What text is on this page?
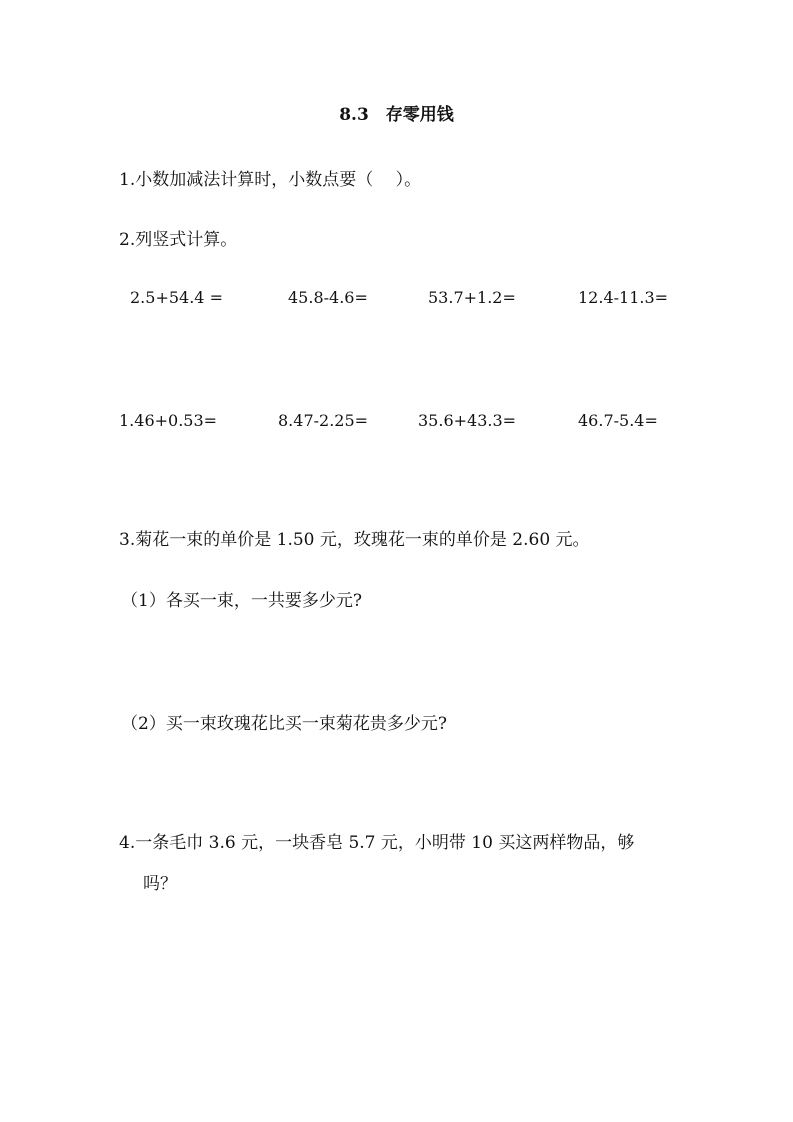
8.3　存零用钱
1.小数加减法计算时，小数点要（　 ）。
2.列竖式计算。
2.5+54.4 =	45.8-4.6=	53.7+1.2=	12.4-11.3=
1.46+0.53=	8.47-2.25=	35.6+43.3=	46.7-5.4=
3.菊花一束的单价是 1.50 元，玫瑰花一束的单价是 2.60 元。
（1）各买一束，一共要多少元?
（2）买一束玫瑰花比买一束菊花贵多少元?
4.一条毛巾 3.6 元，一块香皂 5.7 元，小明带 10 买这两样物品，够
吗？
